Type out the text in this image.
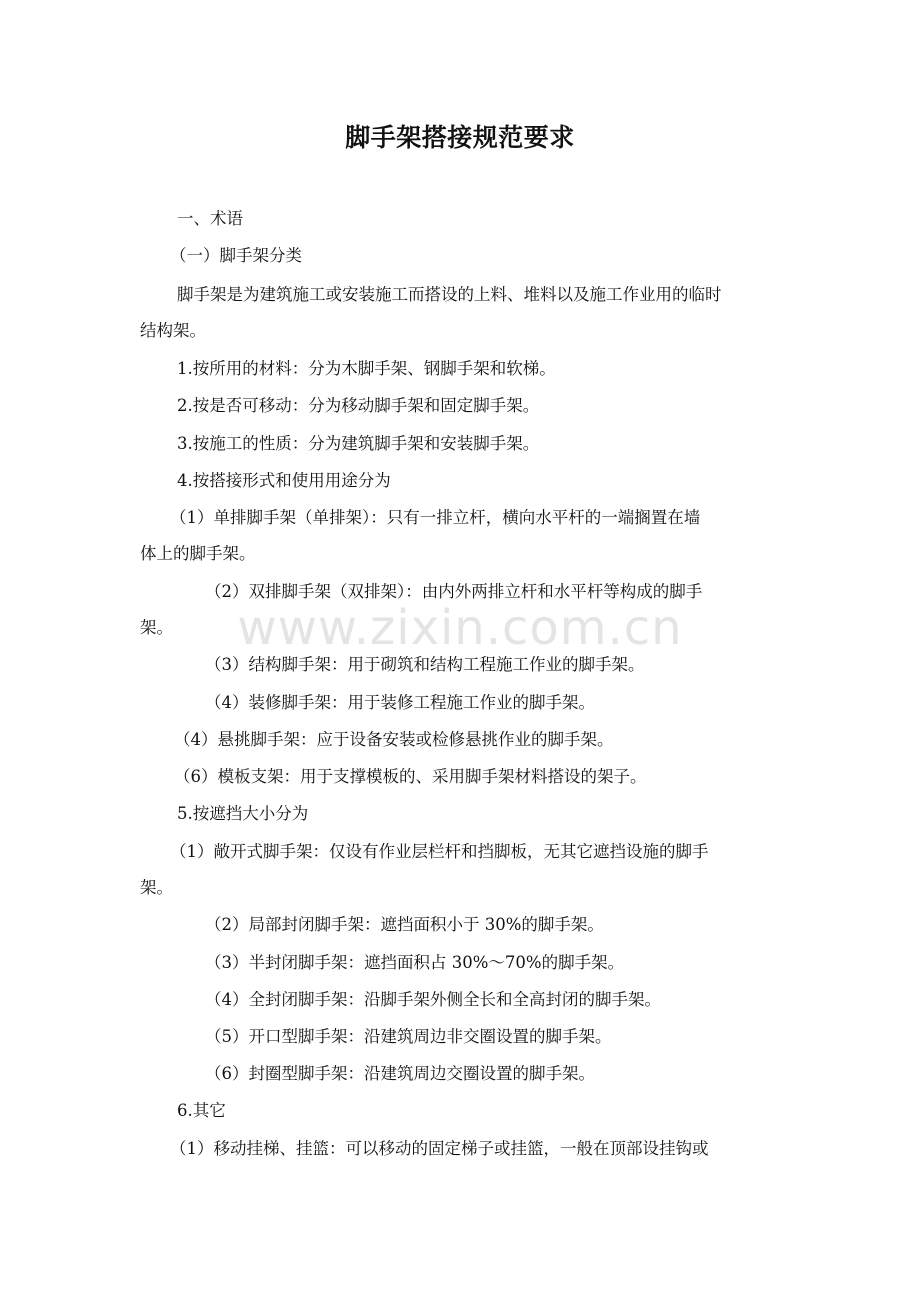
www.zixin.com.cn
脚手架搭接规范要求
一、术语
（一）脚手架分类
脚手架是为建筑施工或安装施工而搭设的上料、堆料以及施工作业用的临时
结构架。
1.按所用的材料：分为木脚手架、钢脚手架和软梯。
2.按是否可移动：分为移动脚手架和固定脚手架。
3.按施工的性质：分为建筑脚手架和安装脚手架。
4.按搭接形式和使用用途分为
（1）单排脚手架（单排架）：只有一排立杆，横向水平杆的一端搁置在墙
体上的脚手架。
（2）双排脚手架（双排架）：由内外两排立杆和水平杆等构成的脚手
架。
（3）结构脚手架：用于砌筑和结构工程施工作业的脚手架。
（4）装修脚手架：用于装修工程施工作业的脚手架。
（4）悬挑脚手架：应于设备安装或检修悬挑作业的脚手架。
（6）模板支架：用于支撑模板的、采用脚手架材料搭设的架子。
5.按遮挡大小分为
（1）敞开式脚手架：仅设有作业层栏杆和挡脚板，无其它遮挡设施的脚手
架。
（2）局部封闭脚手架：遮挡面积小于 30%的脚手架。
（3）半封闭脚手架：遮挡面积占 30%～70%的脚手架。
（4）全封闭脚手架：沿脚手架外侧全长和全高封闭的脚手架。
（5）开口型脚手架：沿建筑周边非交圈设置的脚手架。
（6）封圈型脚手架：沿建筑周边交圈设置的脚手架。
6.其它
（1）移动挂梯、挂篮：可以移动的固定梯子或挂篮，一般在顶部设挂钩或
